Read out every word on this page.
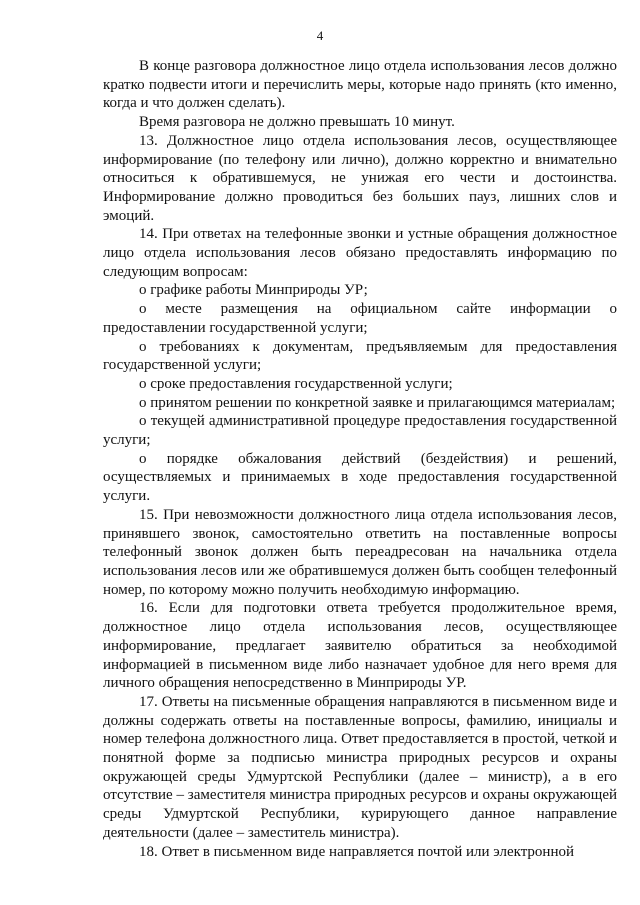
4

В конце разговора должностное лицо отдела использования лесов должно кратко подвести итоги и перечислить меры, которые надо принять (кто именно, когда и что должен сделать).

Время разговора не должно превышать 10 минут.

13. Должностное лицо отдела использования лесов, осуществляющее информирование (по телефону или лично), должно корректно и внимательно относиться к обратившемуся, не унижая его чести и достоинства. Информирование должно проводиться без больших пауз, лишних слов и эмоций.

14. При ответах на телефонные звонки и устные обращения должностное лицо отдела использования лесов обязано предоставлять информацию по следующим вопросам:

о графике работы Минприроды УР;

о месте размещения на официальном сайте информации о предоставлении государственной услуги;

о требованиях к документам, предъявляемым для предоставления государственной услуги;

о сроке предоставления государственной услуги;

о принятом решении по конкретной заявке и прилагающимся материалам;

о текущей административной процедуре предоставления государственной услуги;

о порядке обжалования действий (бездействия) и решений, осуществляемых и принимаемых в ходе предоставления государственной услуги.

15. При невозможности должностного лица отдела использования лесов, принявшего звонок, самостоятельно ответить на поставленные вопросы телефонный звонок должен быть переадресован на начальника отдела использования лесов или же обратившемуся должен быть сообщен телефонный номер, по которому можно получить необходимую информацию.

16. Если для подготовки ответа требуется продолжительное время, должностное лицо отдела использования лесов, осуществляющее информирование, предлагает заявителю обратиться за необходимой информацией в письменном виде либо назначает удобное для него время для личного обращения непосредственно в Минприроды УР.

17. Ответы на письменные обращения направляются в письменном виде и должны содержать ответы на поставленные вопросы, фамилию, инициалы и номер телефона должностного лица. Ответ предоставляется в простой, четкой и понятной форме за подписью министра природных ресурсов и охраны окружающей среды Удмуртской Республики (далее – министр), а в его отсутствие – заместителя министра природных ресурсов и охраны окружающей среды Удмуртской Республики, курирующего данное направление деятельности (далее – заместитель министра).

18. Ответ в письменном виде направляется почтой или электронной
